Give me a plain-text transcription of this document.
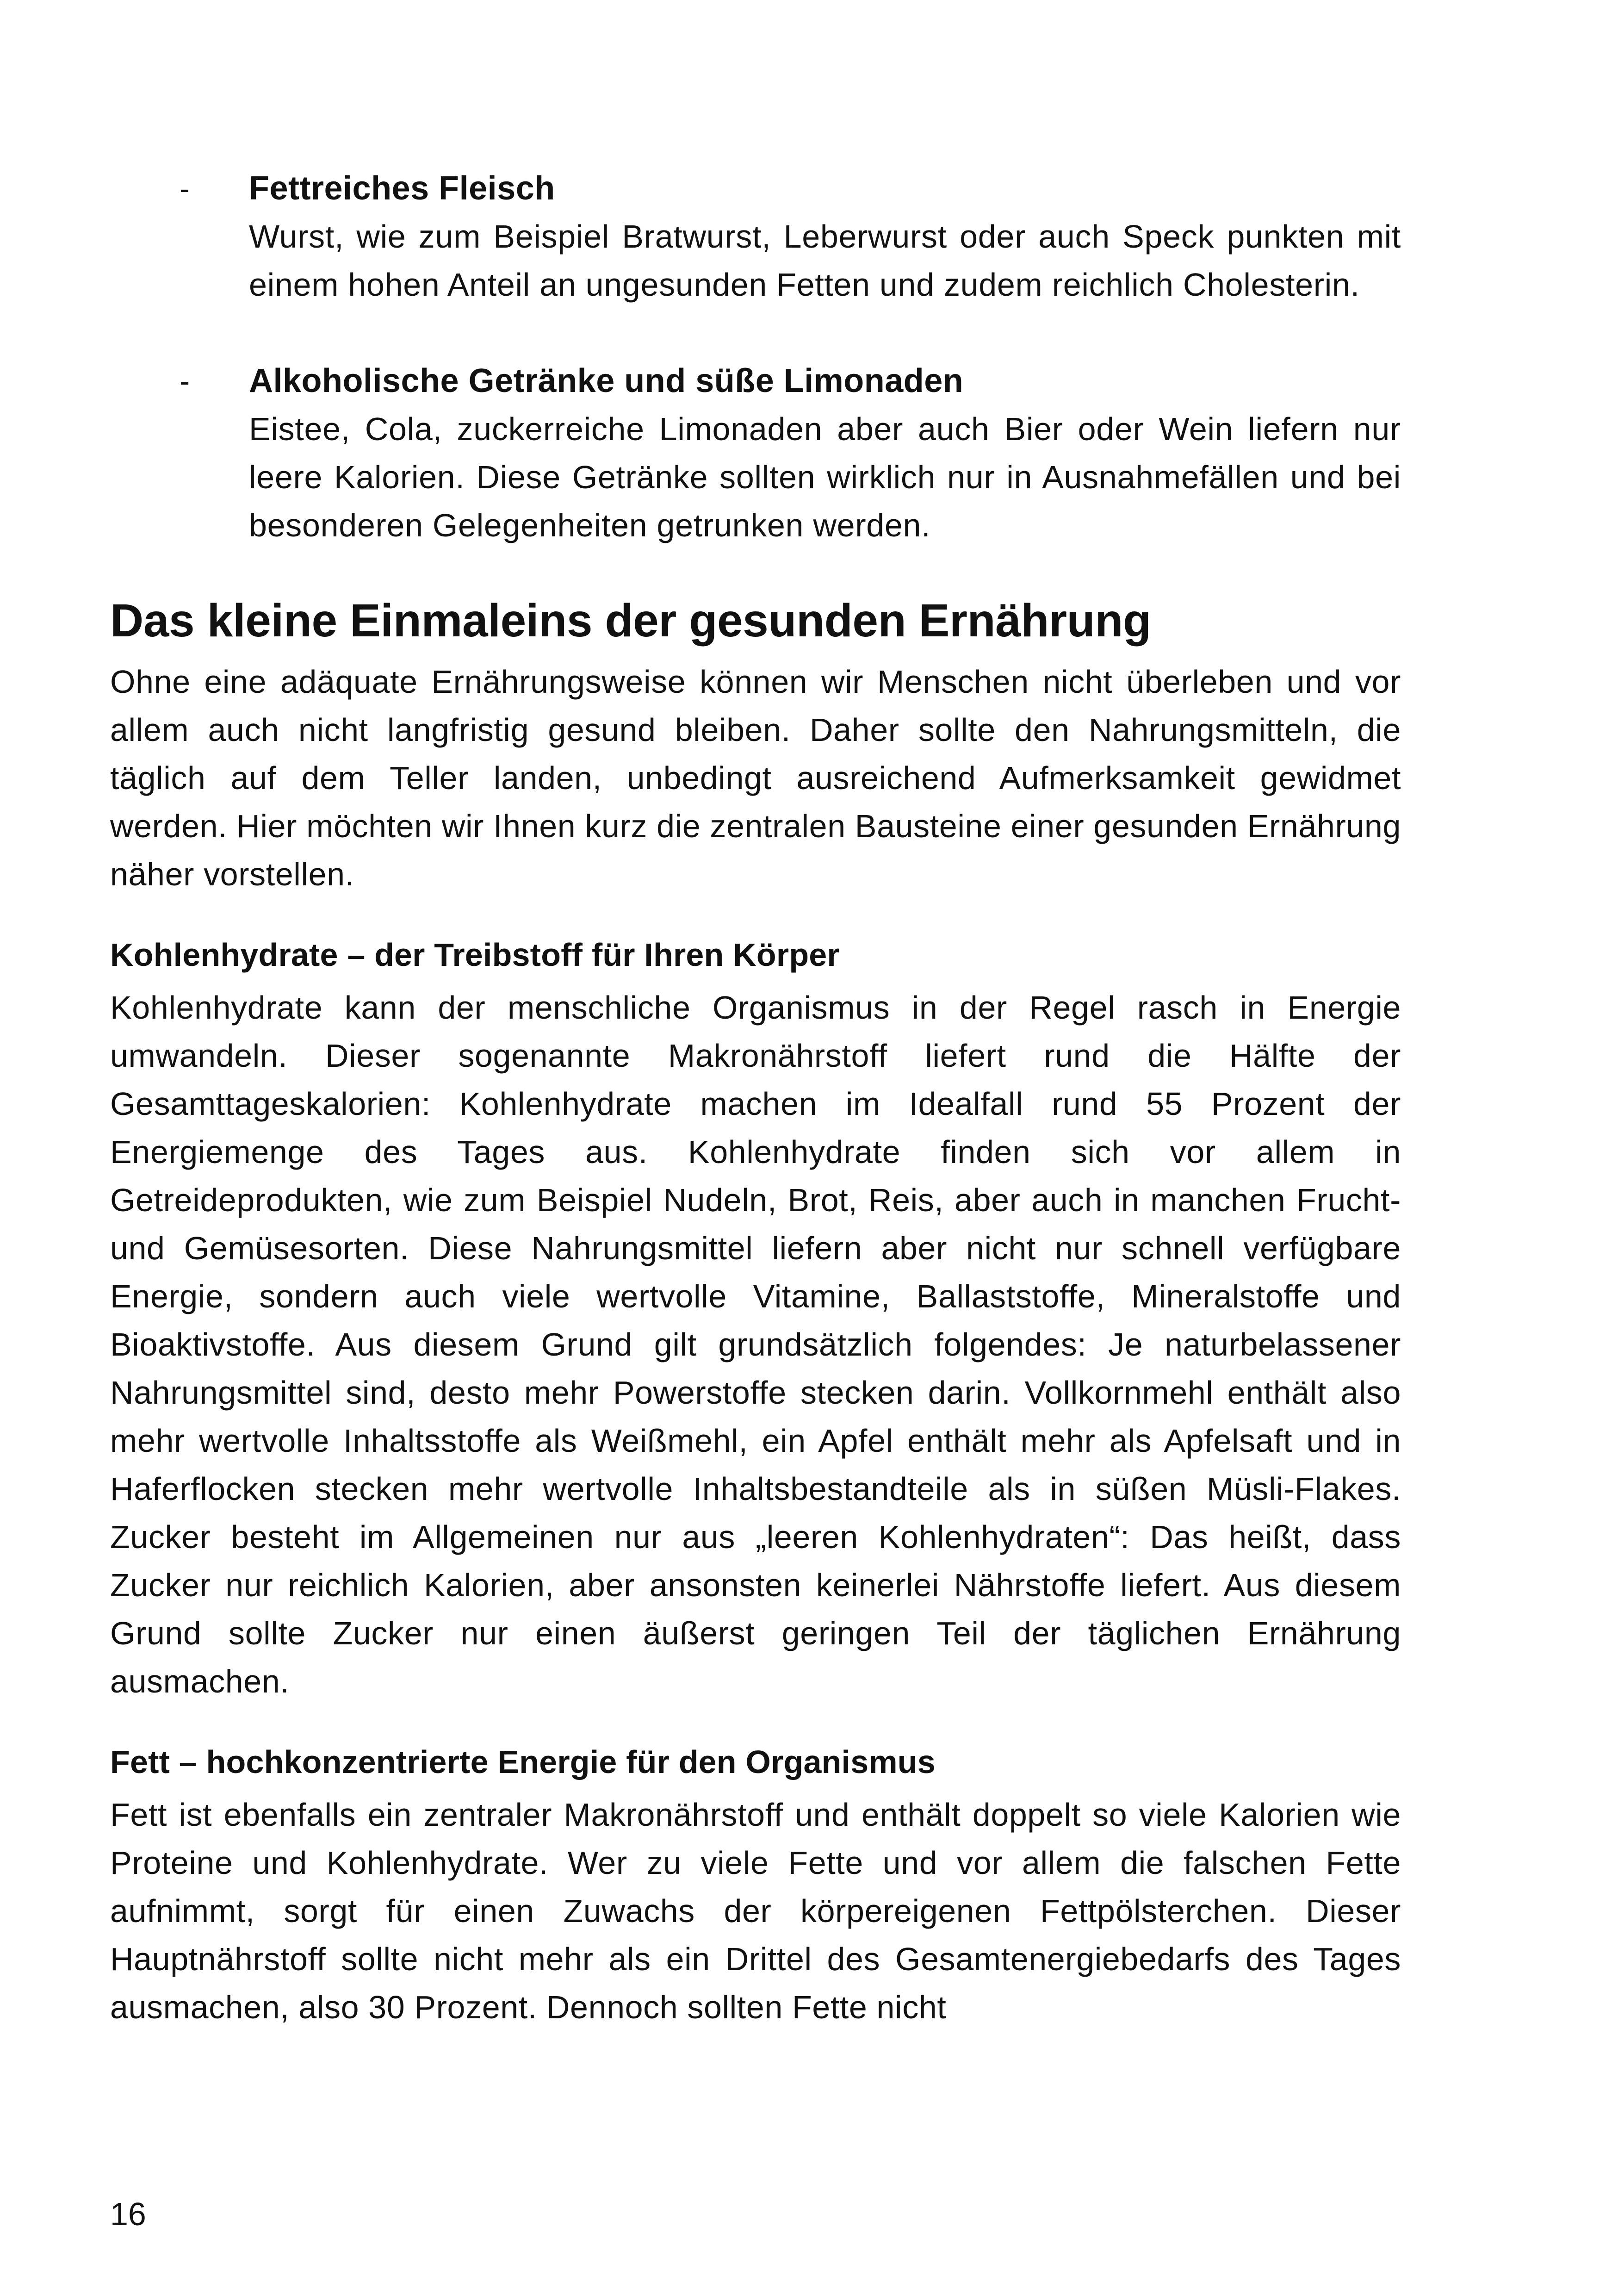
- Fettreiches Fleisch
Wurst, wie zum Beispiel Bratwurst, Leberwurst oder auch Speck punkten mit einem hohen Anteil an ungesunden Fetten und zudem reichlich Cholesterin.
- Alkoholische Getränke und süße Limonaden
Eistee, Cola, zuckerreiche Limonaden aber auch Bier oder Wein liefern nur leere Kalorien. Diese Getränke sollten wirklich nur in Ausnahmefällen und bei besonderen Gelegenheiten getrunken werden.
Das kleine Einmaleins der gesunden Ernährung

Ohne eine adäquate Ernährungsweise können wir Menschen nicht überleben und vor allem auch nicht langfristig gesund bleiben. Daher sollte den Nahrungsmitteln, die täglich auf dem Teller landen, unbedingt ausreichend Aufmerksamkeit gewidmet werden. Hier möchten wir Ihnen kurz die zentralen Bausteine einer gesunden Ernährung näher vorstellen.

Kohlenhydrate – der Treibstoff für Ihren Körper

Kohlenhydrate kann der menschliche Organismus in der Regel rasch in Energie umwandeln. Dieser sogenannte Makronährstoff liefert rund die Hälfte der Gesamttageskalorien: Kohlenhydrate machen im Idealfall rund 55 Prozent der Energiemenge des Tages aus. Kohlenhydrate finden sich vor allem in Getreideprodukten, wie zum Beispiel Nudeln, Brot, Reis, aber auch in manchen Frucht- und Gemüsesorten. Diese Nahrungsmittel liefern aber nicht nur schnell verfügbare Energie, sondern auch viele wertvolle Vitamine, Ballaststoffe, Mineralstoffe und Bioaktivstoffe. Aus diesem Grund gilt grundsätzlich folgendes: Je naturbelassener Nahrungsmittel sind, desto mehr Powerstoffe stecken darin. Vollkornmehl enthält also mehr wertvolle Inhaltsstoffe als Weißmehl, ein Apfel enthält mehr als Apfelsaft und in Haferflocken stecken mehr wertvolle Inhaltsbestandteile als in süßen Müsli-Flakes. Zucker besteht im Allgemeinen nur aus „leeren Kohlenhydraten“: Das heißt, dass Zucker nur reichlich Kalorien, aber ansonsten keinerlei Nährstoffe liefert. Aus diesem Grund sollte Zucker nur einen äußerst geringen Teil der täglichen Ernährung ausmachen.

Fett – hochkonzentrierte Energie für den Organismus

Fett ist ebenfalls ein zentraler Makronährstoff und enthält doppelt so viele Kalorien wie Proteine und Kohlenhydrate. Wer zu viele Fette und vor allem die falschen Fette aufnimmt, sorgt für einen Zuwachs der körpereigenen Fettpölsterchen. Dieser Hauptnährstoff sollte nicht mehr als ein Drittel des Gesamtenergiebedarfs des Tages ausmachen, also 30 Prozent. Dennoch sollten Fette nicht

16
